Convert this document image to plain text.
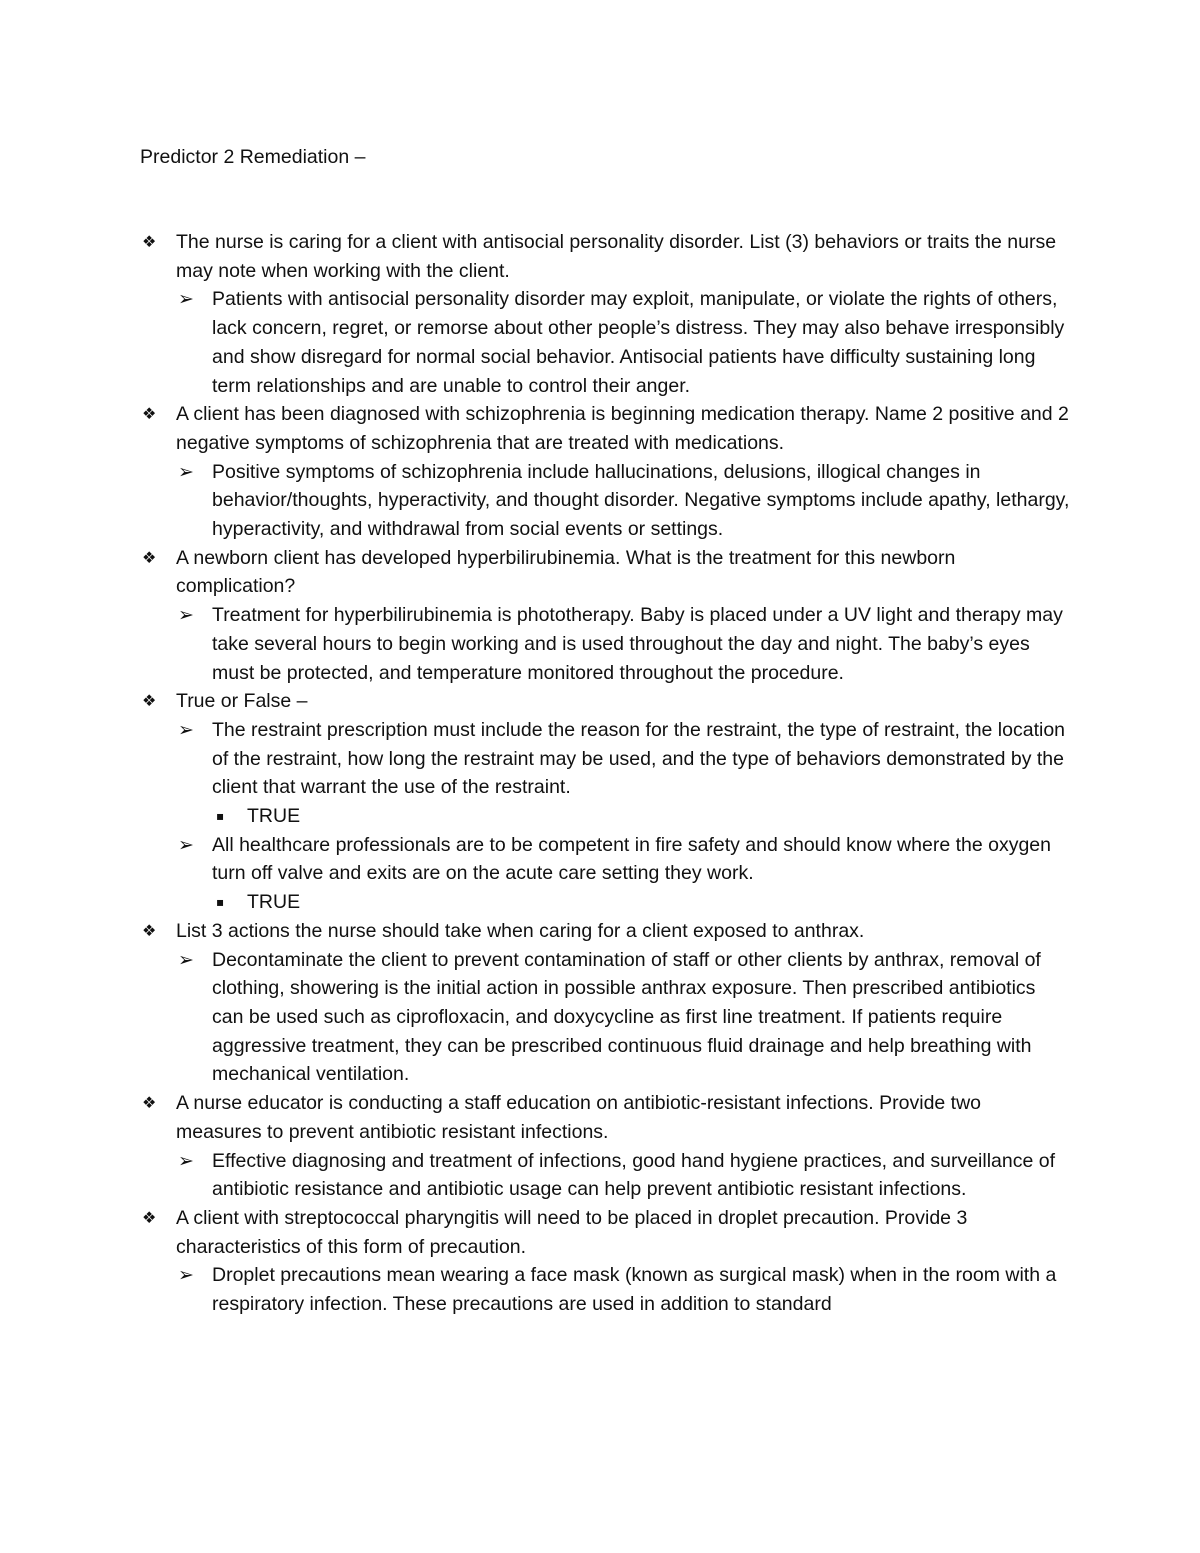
Predictor 2 Remediation –
❖	The nurse is caring for a client with antisocial personality disorder. List (3) behaviors or traits the nurse may note when working with the client.
➢ Patients with antisocial personality disorder may exploit, manipulate, or violate the rights of others, lack concern, regret, or remorse about other people’s distress. They may also behave irresponsibly and show disregard for normal social behavior. Antisocial patients have difficulty sustaining long term relationships and are unable to control their anger.
❖	A client has been diagnosed with schizophrenia is beginning medication therapy. Name 2 positive and 2 negative symptoms of schizophrenia that are treated with medications.
➢ Positive symptoms of schizophrenia include hallucinations, delusions, illogical changes in behavior/thoughts, hyperactivity, and thought disorder. Negative symptoms include apathy, lethargy, hyperactivity, and withdrawal from social events or settings.
❖	A newborn client has developed hyperbilirubinemia. What is the treatment for this newborn complication?
➢ Treatment for hyperbilirubinemia is phototherapy. Baby is placed under a UV light and therapy may take several hours to begin working and is used throughout the day and night. The baby’s eyes must be protected, and temperature monitored throughout the procedure.
❖	True or False –
➢ The restraint prescription must include the reason for the restraint, the type of restraint, the location of the restraint, how long the restraint may be used, and the type of behaviors demonstrated by the client that warrant the use of the restraint.
▪	TRUE
➢ All healthcare professionals are to be competent in fire safety and should know where the oxygen turn off valve and exits are on the acute care setting they work.
▪	TRUE
❖	List 3 actions the nurse should take when caring for a client exposed to anthrax.
➢ Decontaminate the client to prevent contamination of staff or other clients by anthrax, removal of clothing, showering is the initial action in possible anthrax exposure. Then prescribed antibiotics can be used such as ciprofloxacin, and doxycycline as first line treatment. If patients require aggressive treatment, they can be prescribed continuous fluid drainage and help breathing with mechanical ventilation.
❖	A nurse educator is conducting a staff education on antibiotic-resistant infections. Provide two measures to prevent antibiotic resistant infections.
➢ Effective diagnosing and treatment of infections, good hand hygiene practices, and surveillance of antibiotic resistance and antibiotic usage can help prevent antibiotic resistant infections.
❖	A client with streptococcal pharyngitis will need to be placed in droplet precaution. Provide 3 characteristics of this form of precaution.
➢ Droplet precautions mean wearing a face mask (known as surgical mask) when in the room with a respiratory infection. These precautions are used in addition to standard
